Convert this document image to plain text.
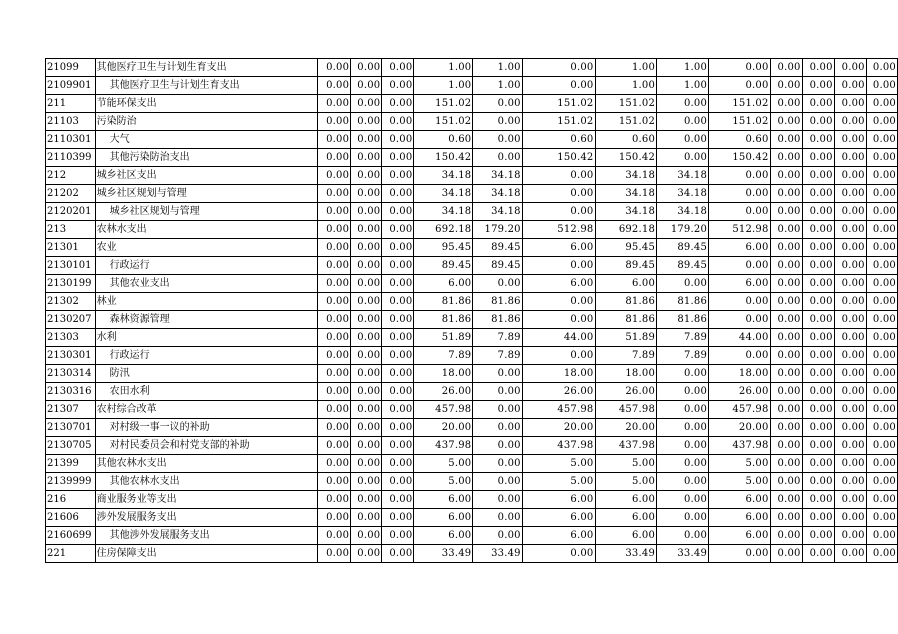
21099	其他医疗卫生与计划生育支出	0.00	0.00	0.00	1.00	1.00	0.00	1.00	1.00	0.00	0.00	0.00	0.00	0.00
2109901	其他医疗卫生与计划生育支出	0.00	0.00	0.00	1.00	1.00	0.00	1.00	1.00	0.00	0.00	0.00	0.00	0.00
211	节能环保支出	0.00	0.00	0.00	151.02	0.00	151.02	151.02	0.00	151.02	0.00	0.00	0.00	0.00
21103	污染防治	0.00	0.00	0.00	151.02	0.00	151.02	151.02	0.00	151.02	0.00	0.00	0.00	0.00
2110301	大气	0.00	0.00	0.00	0.60	0.00	0.60	0.60	0.00	0.60	0.00	0.00	0.00	0.00
2110399	其他污染防治支出	0.00	0.00	0.00	150.42	0.00	150.42	150.42	0.00	150.42	0.00	0.00	0.00	0.00
212	城乡社区支出	0.00	0.00	0.00	34.18	34.18	0.00	34.18	34.18	0.00	0.00	0.00	0.00	0.00
21202	城乡社区规划与管理	0.00	0.00	0.00	34.18	34.18	0.00	34.18	34.18	0.00	0.00	0.00	0.00	0.00
2120201	城乡社区规划与管理	0.00	0.00	0.00	34.18	34.18	0.00	34.18	34.18	0.00	0.00	0.00	0.00	0.00
213	农林水支出	0.00	0.00	0.00	692.18	179.20	512.98	692.18	179.20	512.98	0.00	0.00	0.00	0.00
21301	农业	0.00	0.00	0.00	95.45	89.45	6.00	95.45	89.45	6.00	0.00	0.00	0.00	0.00
2130101	行政运行	0.00	0.00	0.00	89.45	89.45	0.00	89.45	89.45	0.00	0.00	0.00	0.00	0.00
2130199	其他农业支出	0.00	0.00	0.00	6.00	0.00	6.00	6.00	0.00	6.00	0.00	0.00	0.00	0.00
21302	林业	0.00	0.00	0.00	81.86	81.86	0.00	81.86	81.86	0.00	0.00	0.00	0.00	0.00
2130207	森林资源管理	0.00	0.00	0.00	81.86	81.86	0.00	81.86	81.86	0.00	0.00	0.00	0.00	0.00
21303	水利	0.00	0.00	0.00	51.89	7.89	44.00	51.89	7.89	44.00	0.00	0.00	0.00	0.00
2130301	行政运行	0.00	0.00	0.00	7.89	7.89	0.00	7.89	7.89	0.00	0.00	0.00	0.00	0.00
2130314	防汛	0.00	0.00	0.00	18.00	0.00	18.00	18.00	0.00	18.00	0.00	0.00	0.00	0.00
2130316	农田水利	0.00	0.00	0.00	26.00	0.00	26.00	26.00	0.00	26.00	0.00	0.00	0.00	0.00
21307	农村综合改革	0.00	0.00	0.00	457.98	0.00	457.98	457.98	0.00	457.98	0.00	0.00	0.00	0.00
2130701	对村级一事一议的补助	0.00	0.00	0.00	20.00	0.00	20.00	20.00	0.00	20.00	0.00	0.00	0.00	0.00
2130705	对村民委员会和村党支部的补助	0.00	0.00	0.00	437.98	0.00	437.98	437.98	0.00	437.98	0.00	0.00	0.00	0.00
21399	其他农林水支出	0.00	0.00	0.00	5.00	0.00	5.00	5.00	0.00	5.00	0.00	0.00	0.00	0.00
2139999	其他农林水支出	0.00	0.00	0.00	5.00	0.00	5.00	5.00	0.00	5.00	0.00	0.00	0.00	0.00
216	商业服务业等支出	0.00	0.00	0.00	6.00	0.00	6.00	6.00	0.00	6.00	0.00	0.00	0.00	0.00
21606	涉外发展服务支出	0.00	0.00	0.00	6.00	0.00	6.00	6.00	0.00	6.00	0.00	0.00	0.00	0.00
2160699	其他涉外发展服务支出	0.00	0.00	0.00	6.00	0.00	6.00	6.00	0.00	6.00	0.00	0.00	0.00	0.00
221	住房保障支出	0.00	0.00	0.00	33.49	33.49	0.00	33.49	33.49	0.00	0.00	0.00	0.00	0.00
